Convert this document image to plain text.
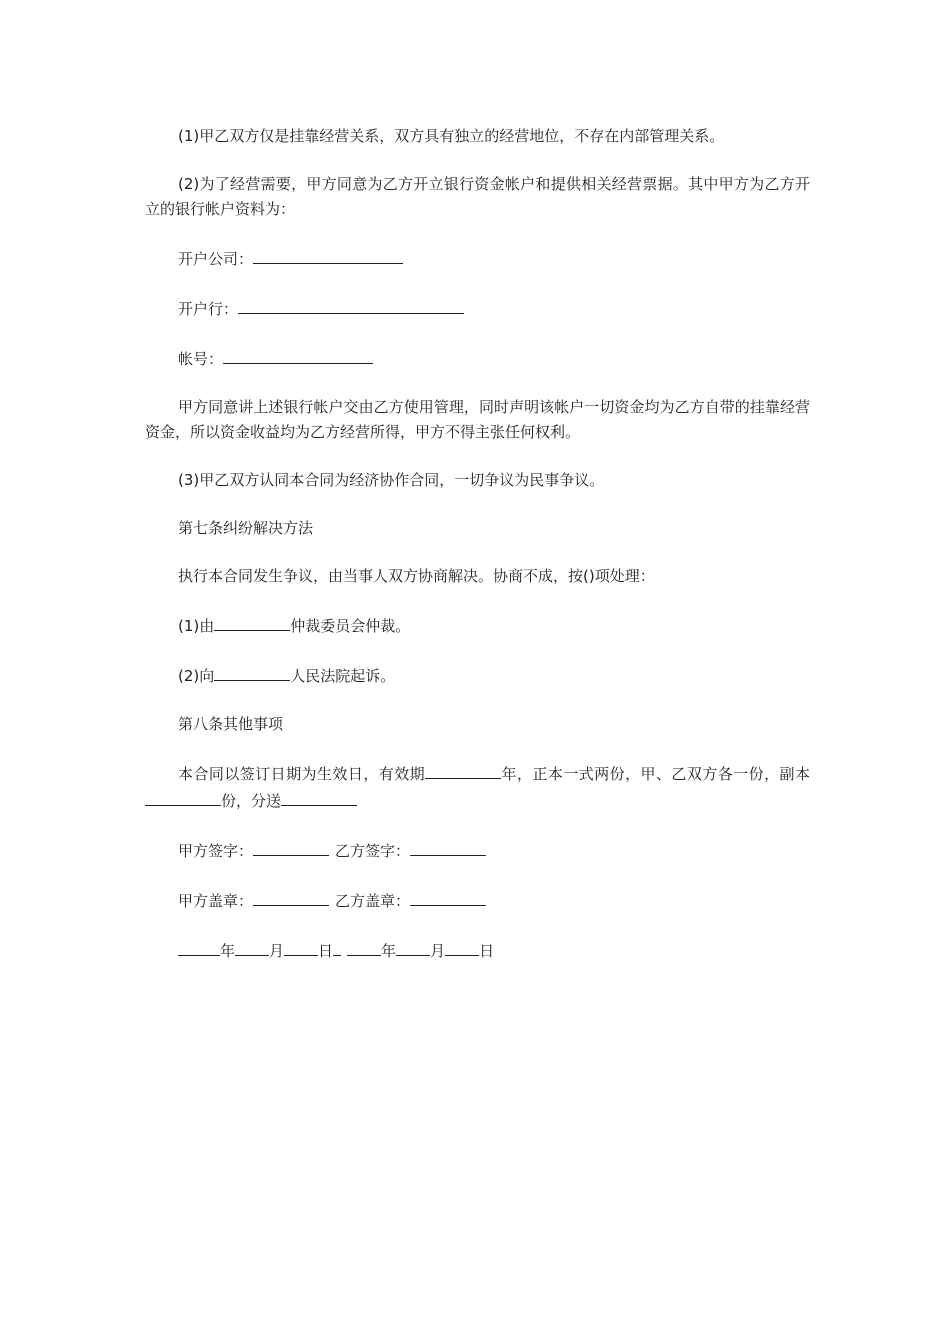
(1)甲乙双方仅是挂靠经营关系，双方具有独立的经营地位，不存在内部管理关系。

(2)为了经营需要，甲方同意为乙方开立银行资金帐户和提供相关经营票据。其中甲方为乙方开立的银行帐户资料为：

开户公司：

开户行：

帐号：

甲方同意讲上述银行帐户交由乙方使用管理，同时声明该帐户一切资金均为乙方自带的挂靠经营资金，所以资金收益均为乙方经营所得，甲方不得主张任何权利。

(3)甲乙双方认同本合同为经济协作合同，一切争议为民事争议。

第七条纠纷解决方法

执行本合同发生争议，由当事人双方协商解决。协商不成，按()项处理：

(1)由	仲裁委员会仲裁。

(2)向	人民法院起诉。

第八条其他事项

本合同以签订日期为生效日，有效期	年，正本一式两份，甲、乙双方各一份，副本份，分送

甲方签字：	乙方签字：

甲方盖章：	乙方盖章：

年 月 日	年 月 日
